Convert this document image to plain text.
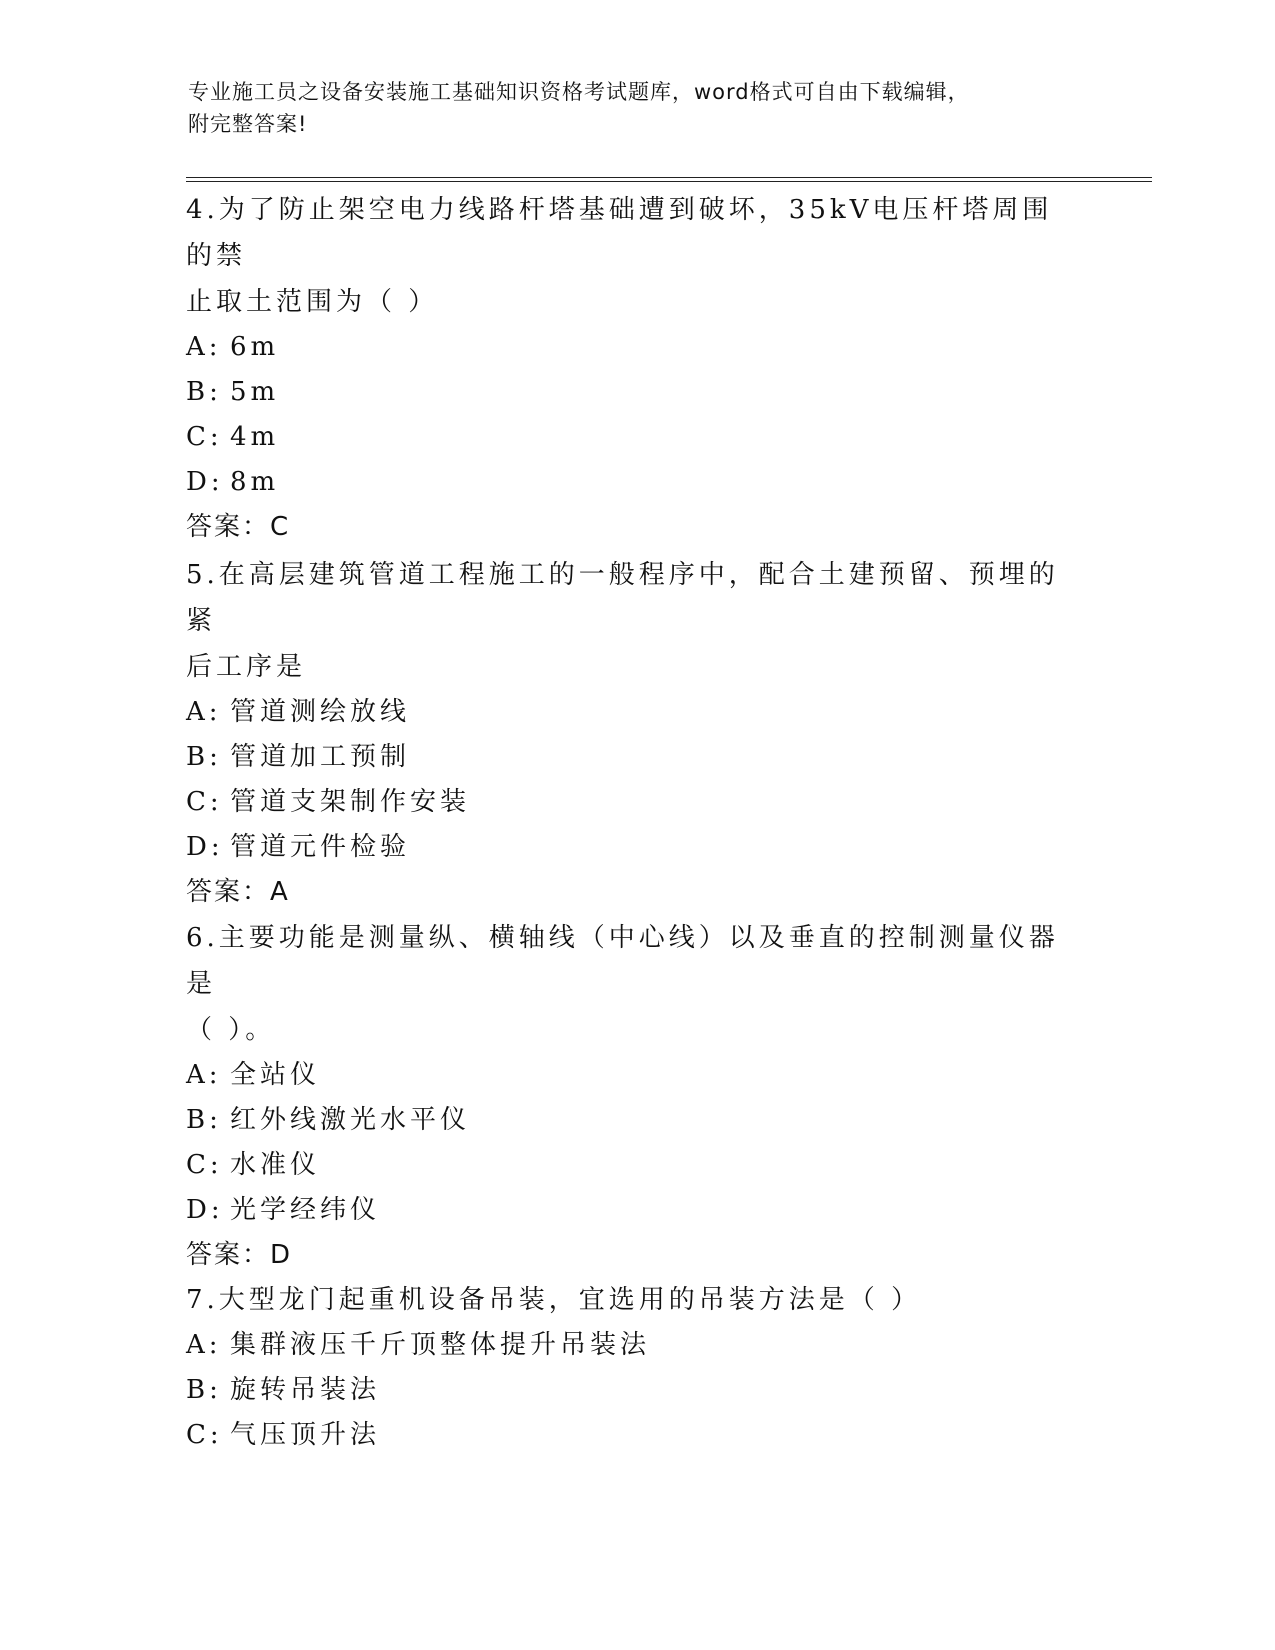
专业施工员之设备安装施工基础知识资格考试题库，word格式可自由下载编辑，
附完整答案!

4.为了防止架空电力线路杆塔基础遭到破坏，35kV电压杆塔周围的禁

止取土范围为（ ）

A: 6m

B: 5m

C: 4m

D: 8m

答案：C

5.在高层建筑管道工程施工的一般程序中，配合土建预留、预埋的紧

后工序是

A: 管道测绘放线

B: 管道加工预制

C: 管道支架制作安装

D: 管道元件检验

答案：A

6.主要功能是测量纵、横轴线（中心线）以及垂直的控制测量仪器是

（ ）。

A: 全站仪

B: 红外线激光水平仪

C: 水准仪

D: 光学经纬仪

答案：D

7.大型龙门起重机设备吊装，宜选用的吊装方法是（ ）

A: 集群液压千斤顶整体提升吊装法

B: 旋转吊装法

C: 气压顶升法
